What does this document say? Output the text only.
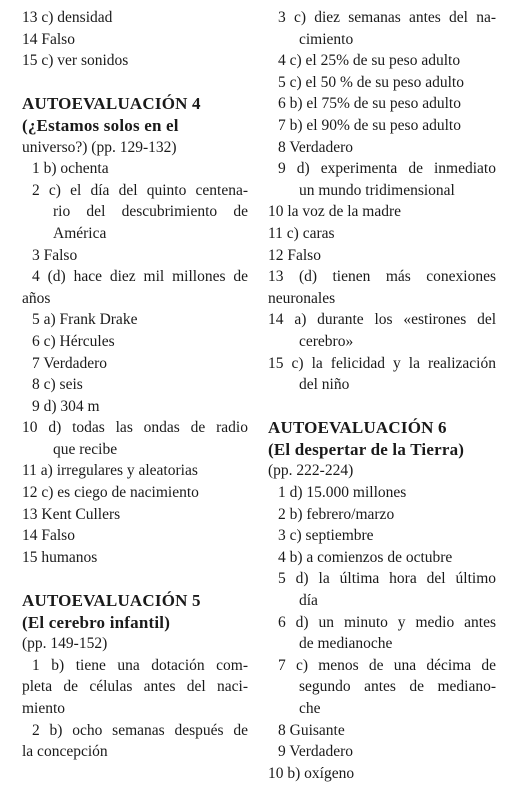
13 c) densidad
14 Falso
15 c) ver sonidos
AUTOEVALUACIÓN 4
(¿Estamos solos en el
universo?) (pp. 129-132)
1 b) ochenta
2 c) el día del quinto centena-
rio del descubrimiento de
América
3 Falso
4 (d) hace diez mil millones de
años
5 a) Frank Drake
6 c) Hércules
7 Verdadero
8 c) seis
9 d) 304 m
10 d) todas las ondas de radio
que recibe
11 a) irregulares y aleatorias
12 c) es ciego de nacimiento
13 Kent Cullers
14 Falso
15 humanos
AUTOEVALUACIÓN 5
(El cerebro infantil)
(pp. 149-152)
1 b) tiene una dotación com-
pleta de células antes del naci-
miento
2 b) ocho semanas después de
la concepción
3 c) diez semanas antes del na-
cimiento
4 c) el 25% de su peso adulto
5 c) el 50 % de su peso adulto
6 b) el 75% de su peso adulto
7 b) el 90% de su peso adulto
8 Verdadero
9 d) experimenta de inmediato
un mundo tridimensional
10 la voz de la madre
11 c) caras
12 Falso
13 (d) tienen más conexiones
neuronales
14 a) durante los «estirones del
cerebro»
15 c) la felicidad y la realización
del niño
AUTOEVALUACIÓN 6
(El despertar de la Tierra)
(pp. 222-224)
1 d) 15.000 millones
2 b) febrero/marzo
3 c) septiembre
4 b) a comienzos de octubre
5 d) la última hora del último
día
6 d) un minuto y medio antes
de medianoche
7 c) menos de una décima de
segundo antes de mediano-
che
8 Guisante
9 Verdadero
10 b) oxígeno
